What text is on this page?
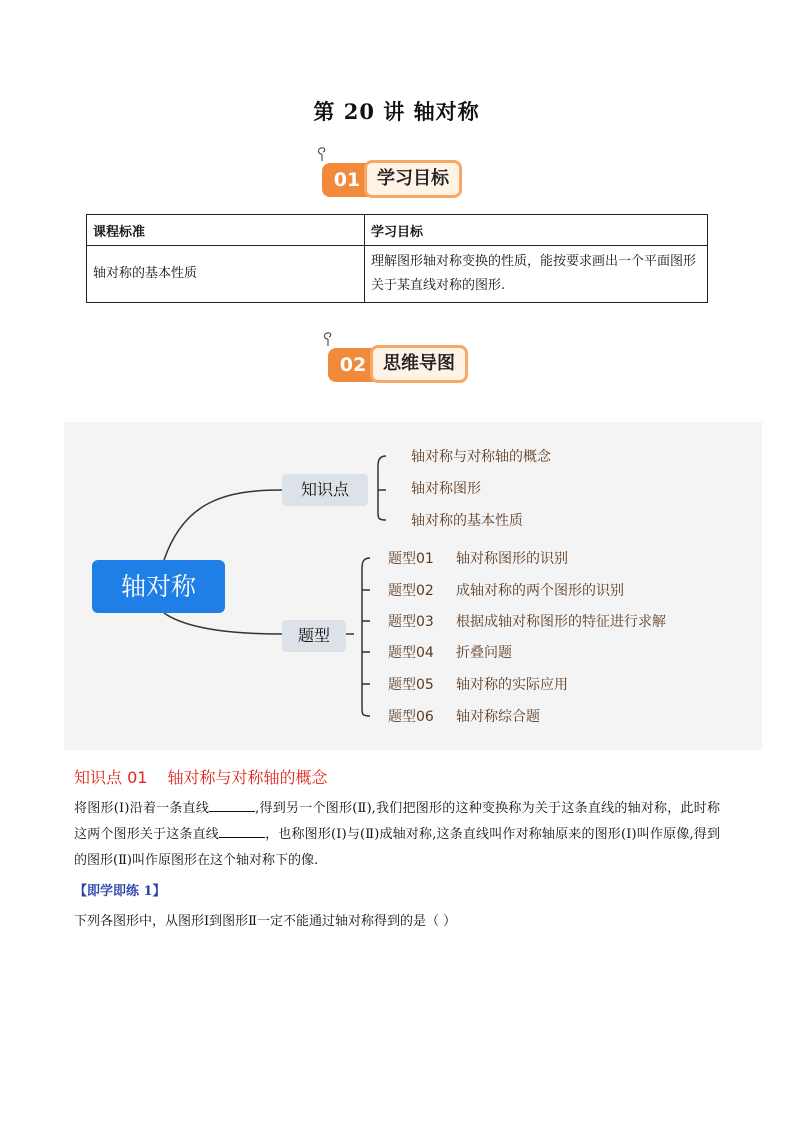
第 20 讲 轴对称
01 学习目标
课程标准	学习目标
轴对称的基本性质	理解图形轴对称变换的性质，能按要求画出一个平面图形关于某直线对称的图形.
02 思维导图
轴对称
知识点
题型
轴对称与对称轴的概念
轴对称图形
轴对称的基本性质
题型01 轴对称图形的识别
题型02 成轴对称的两个图形的识别
题型03 根据成轴对称图形的特征进行求解
题型04 折叠问题
题型05 轴对称的实际应用
题型06 轴对称综合题
知识点 01 轴对称与对称轴的概念
将图形(Ⅰ)沿着一条直线	,得到另一个图形(Ⅱ),我们把图形的这种变换称为关于这条直线的轴对称，此时称这两个图形关于这条直线	，也称图形(Ⅰ)与(Ⅱ)成轴对称,这条直线叫作对称轴原来的图形(Ⅰ)叫作原像,得到的图形(Ⅱ)叫作原图形在这个轴对称下的像.
【即学即练 1】
下列各图形中，从图形Ⅰ到图形Ⅱ一定不能通过轴对称得到的是（ ）
